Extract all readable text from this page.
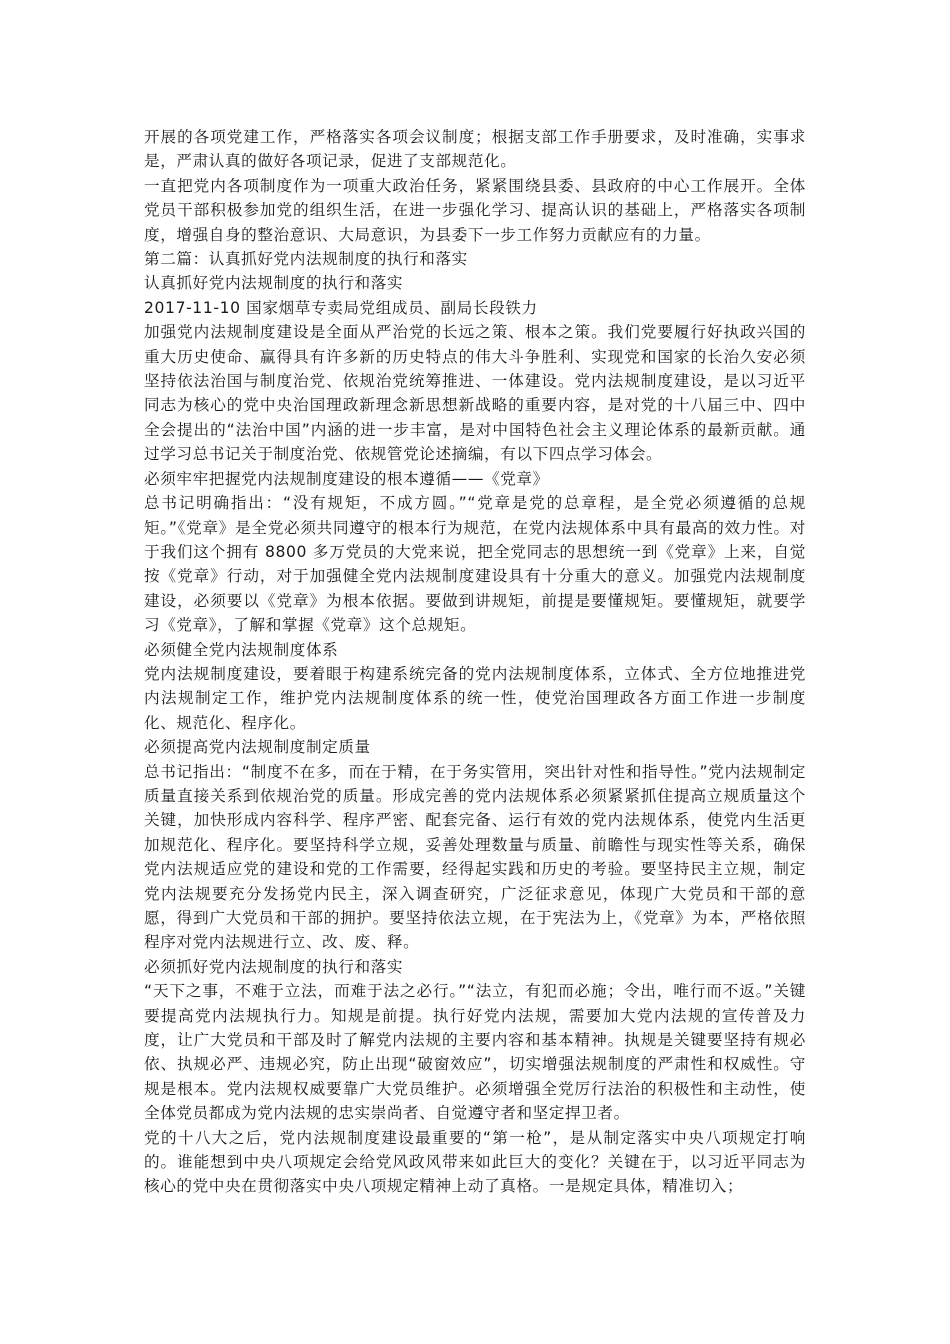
开展的各项党建工作，严格落实各项会议制度；根据支部工作手册要求，及时准确，实事求是，严肃认真的做好各项记录，促进了支部规范化。

一直把党内各项制度作为一项重大政治任务，紧紧围绕县委、县政府的中心工作展开。全体党员干部积极参加党的组织生活，在进一步强化学习、提高认识的基础上，严格落实各项制度，增强自身的整治意识、大局意识，为县委下一步工作努力贡献应有的力量。

第二篇：认真抓好党内法规制度的执行和落实

认真抓好党内法规制度的执行和落实

2017-11-10 国家烟草专卖局党组成员、副局长段铁力

加强党内法规制度建设是全面从严治党的长远之策、根本之策。我们党要履行好执政兴国的重大历史使命、赢得具有许多新的历史特点的伟大斗争胜利、实现党和国家的长治久安必须坚持依法治国与制度治党、依规治党统筹推进、一体建设。党内法规制度建设，是以习近平同志为核心的党中央治国理政新理念新思想新战略的重要内容，是对党的十八届三中、四中全会提出的“法治中国”内涵的进一步丰富，是对中国特色社会主义理论体系的最新贡献。通过学习总书记关于制度治党、依规管党论述摘编，有以下四点学习体会。

必须牢牢把握党内法规制度建设的根本遵循——《党章》

总书记明确指出：“没有规矩，不成方圆。”“党章是党的总章程，是全党必须遵循的总规矩。”《党章》是全党必须共同遵守的根本行为规范，在党内法规体系中具有最高的效力性。对于我们这个拥有 8800 多万党员的大党来说，把全党同志的思想统一到《党章》上来，自觉按《党章》行动，对于加强健全党内法规制度建设具有十分重大的意义。加强党内法规制度建设，必须要以《党章》为根本依据。要做到讲规矩，前提是要懂规矩。要懂规矩，就要学习《党章》，了解和掌握《党章》这个总规矩。

必须健全党内法规制度体系

党内法规制度建设，要着眼于构建系统完备的党内法规制度体系，立体式、全方位地推进党内法规制定工作，维护党内法规制度体系的统一性，使党治国理政各方面工作进一步制度化、规范化、程序化。

必须提高党内法规制度制定质量

总书记指出：“制度不在多，而在于精，在于务实管用，突出针对性和指导性。”党内法规制定质量直接关系到依规治党的质量。形成完善的党内法规体系必须紧紧抓住提高立规质量这个关键，加快形成内容科学、程序严密、配套完备、运行有效的党内法规体系，使党内生活更加规范化、程序化。要坚持科学立规，妥善处理数量与质量、前瞻性与现实性等关系，确保党内法规适应党的建设和党的工作需要，经得起实践和历史的考验。要坚持民主立规，制定党内法规要充分发扬党内民主，深入调查研究，广泛征求意见，体现广大党员和干部的意愿，得到广大党员和干部的拥护。要坚持依法立规，在于宪法为上，《党章》为本，严格依照程序对党内法规进行立、改、废、释。

必须抓好党内法规制度的执行和落实

“天下之事，不难于立法，而难于法之必行。”“法立，有犯而必施；令出，唯行而不返。”关键要提高党内法规执行力。知规是前提。执行好党内法规，需要加大党内法规的宣传普及力度，让广大党员和干部及时了解党内法规的主要内容和基本精神。执规是关键要坚持有规必依、执规必严、违规必究，防止出现“破窗效应”，切实增强法规制度的严肃性和权威性。守规是根本。党内法规权威要靠广大党员维护。必须增强全党厉行法治的积极性和主动性，使全体党员都成为党内法规的忠实崇尚者、自觉遵守者和坚定捍卫者。

党的十八大之后，党内法规制度建设最重要的“第一枪”，是从制定落实中央八项规定打响的。谁能想到中央八项规定会给党风政风带来如此巨大的变化？关键在于，以习近平同志为核心的党中央在贯彻落实中央八项规定精神上动了真格。一是规定具体，精准切入；
